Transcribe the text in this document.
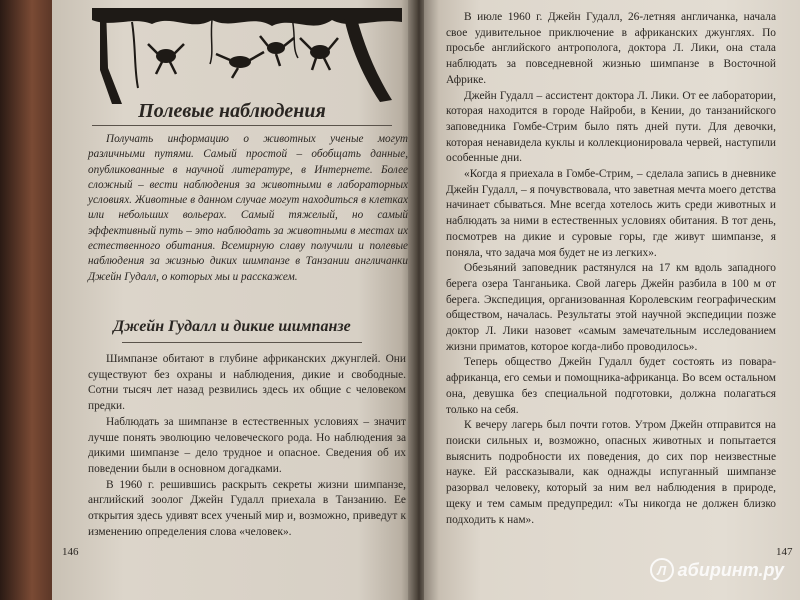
Полевые наблюдения

Получать информацию о животных ученые могут различными путями. Самый простой – обобщать данные, опубликованные в научной литературе, в Интернете. Более сложный – вести наблюдения за животными в лабораторных условиях. Животные в данном случае могут находиться в клетках или небольших вольерах. Самый тяжелый, но самый эффективный путь – это наблюдать за животными в местах их естественного обитания. Всемирную славу получили и полевые наблюдения за жизнью диких шимпанзе в Танзании англичанки Джейн Гудалл, о которых мы и расскажем.

Джейн Гудалл и дикие шимпанзе

Шимпанзе обитают в глубине африканских джунглей. Они существуют без охраны и наблюдения, дикие и свободные. Сотни тысяч лет назад резвились здесь их общие с человеком предки.

Наблюдать за шимпанзе в естественных условиях – значит лучше понять эволюцию человеческого рода. Но наблюдения за дикими шимпанзе – дело трудное и опасное. Сведения об их поведении были в основном догадками.

В 1960 г. решившись раскрыть секреты жизни шимпанзе, английский зоолог Джейн Гудалл приехала в Танзанию. Ее открытия здесь удивят всех ученый мир и, возможно, приведут к изменению определения слова «человек».

146

В июле 1960 г. Джейн Гудалл, 26-летняя англичанка, начала свое удивительное приключение в африканских джунглях. По просьбе английского антрополога, доктора Л. Лики, она стала наблюдать за повседневной жизнью шимпанзе в Восточной Африке.

Джейн Гудалл – ассистент доктора Л. Лики. От ее лаборатории, которая находится в городе Найроби, в Кении, до танзанийского заповедника Гомбе-Стрим было пять дней пути. Для девочки, которая ненавидела куклы и коллекционировала червей, наступили особенные дни.

«Когда я приехала в Гомбе-Стрим, – сделала запись в дневнике Джейн Гудалл, – я почувствовала, что заветная мечта моего детства начинает сбываться. Мне всегда хотелось жить среди животных и наблюдать за ними в естественных условиях обитания. В тот день, посмотрев на дикие и суровые горы, где живут шимпанзе, я поняла, что задача моя будет не из легких».

Обезьяний заповедник растянулся на 17 км вдоль западного берега озера Танганьика. Свой лагерь Джейн разбила в 100 м от берега. Экспедиция, организованная Королевским географическим обществом, началась. Результаты этой научной экспедиции позже доктор Л. Лики назовет «самым замечательным исследованием жизни приматов, которое когда-либо проводилось».

Теперь общество Джейн Гудалл будет состоять из повара-африканца, его семьи и помощника-африканца. Во всем остальном она, девушка без специальной подготовки, должна полагаться только на себя.

К вечеру лагерь был почти готов. Утром Джейн отправится на поиски сильных и, возможно, опасных животных и попытается выяснить подробности их поведения, до сих пор неизвестные науке. Ей рассказывали, как однажды испуганный шимпанзе разорвал человеку, который за ним вел наблюдения в природе, щеку и тем самым предупредил: «Ты никогда не должен близко подходить к нам».

147
Л абиринт.ру
